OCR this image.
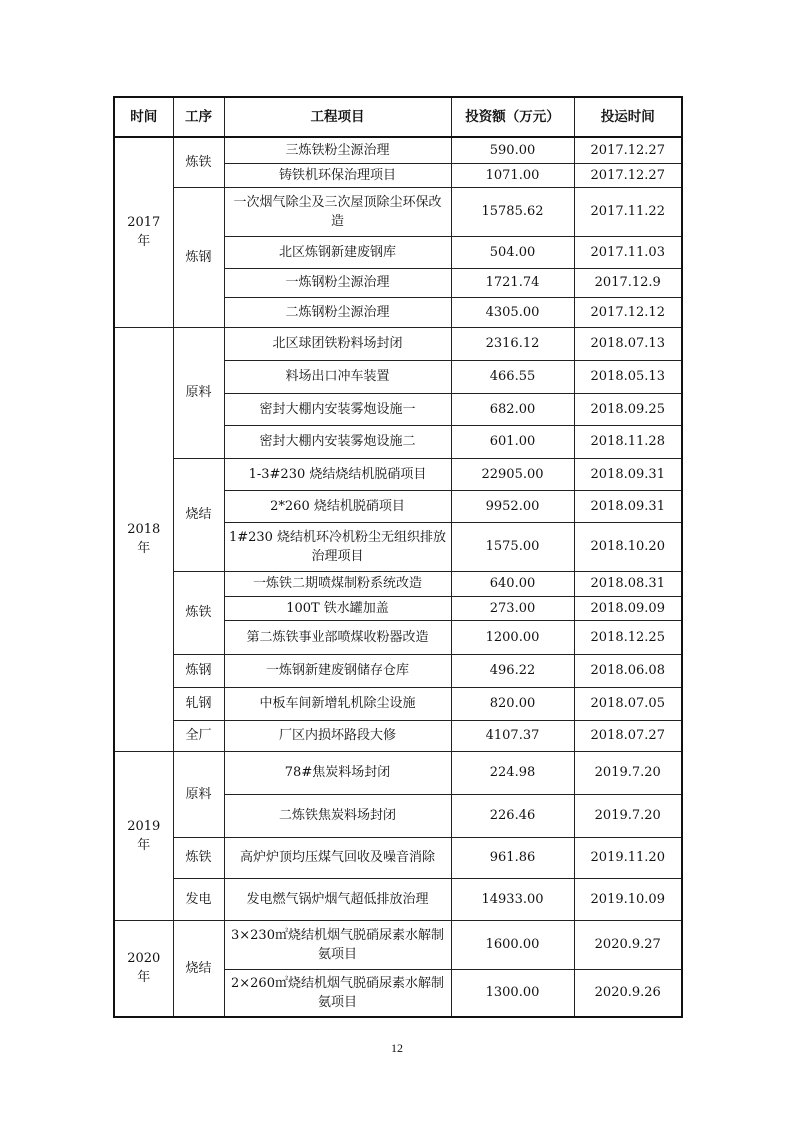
时间	工序	工程项目	投资额（万元）	投运时间
2017 年	炼铁	三炼铁粉尘源治理	590.00	2017.12.27
		铸铁机环保治理项目	1071.00	2017.12.27
	炼钢	一次烟气除尘及三次屋顶除尘环保改造	15785.62	2017.11.22
		北区炼钢新建废钢库	504.00	2017.11.03
		一炼钢粉尘源治理	1721.74	2017.12.9
		二炼钢粉尘源治理	4305.00	2017.12.12
2018 年	原料	北区球团铁粉料场封闭	2316.12	2018.07.13
		料场出口冲车装置	466.55	2018.05.13
		密封大棚内安装雾炮设施一	682.00	2018.09.25
		密封大棚内安装雾炮设施二	601.00	2018.11.28
	烧结	1-3#230 烧结烧结机脱硝项目	22905.00	2018.09.31
		2*260 烧结机脱硝项目	9952.00	2018.09.31
		1#230 烧结机环冷机粉尘无组织排放治理项目	1575.00	2018.10.20
	炼铁	一炼铁二期喷煤制粉系统改造	640.00	2018.08.31
		100T 铁水罐加盖	273.00	2018.09.09
		第二炼铁事业部喷煤收粉器改造	1200.00	2018.12.25
	炼钢	一炼钢新建废钢储存仓库	496.22	2018.06.08
	轧钢	中板车间新增轧机除尘设施	820.00	2018.07.05
	全厂	厂区内损坏路段大修	4107.37	2018.07.27
2019 年	原料	78#焦炭料场封闭	224.98	2019.7.20
		二炼铁焦炭料场封闭	226.46	2019.7.20
	炼铁	高炉炉顶均压煤气回收及噪音消除	961.86	2019.11.20
	发电	发电燃气锅炉烟气超低排放治理	14933.00	2019.10.09
2020 年	烧结	3×230㎡烧结机烟气脱硝尿素水解制氨项目	1600.00	2020.9.27
		2×260㎡烧结机烟气脱硝尿素水解制氨项目	1300.00	2020.9.26
12
